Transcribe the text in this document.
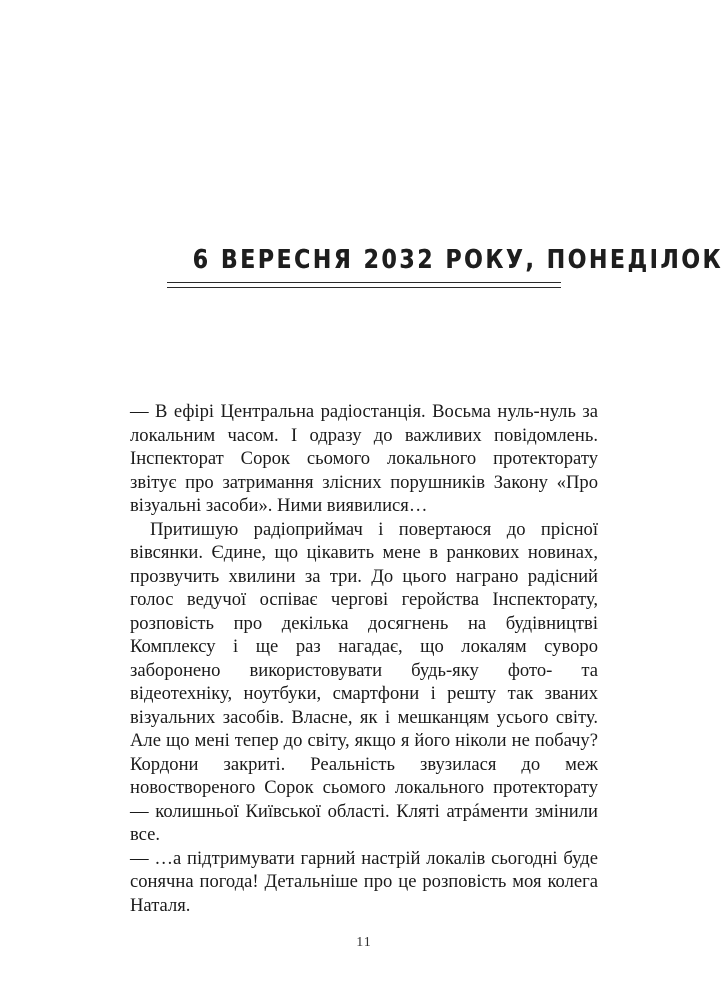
6 ВЕРЕСНЯ 2032 РОКУ, ПОНЕДІЛОК

— В ефірі Центральна радіостанція. Восьма нуль-нуль за локальним часом. І одразу до важливих повідомлень. Інспекторат Сорок сьомого локального протекторату звітує про затримання злісних порушників Закону «Про візуальні засоби». Ними виявилися…

Притишую радіоприймач і повертаюся до прісної вівсянки. Єдине, що цікавить мене в ранкових новинах, прозвучить хвилини за три. До цього награно радісний голос ведучої оспіває чергові геройства Інспекторату, розповість про декілька досягнень на будівництві Комплексу і ще раз нагадає, що локалям суворо заборонено використовувати будь-яку фото- та відеотехніку, ноутбуки, смартфони і решту так званих візуальних засобів. Власне, як і мешканцям усього світу. Але що мені тепер до світу, якщо я його ніколи не побачу? Кордони закриті. Реальність звузилася до меж новоствореного Сорок сьомого локального протекторату — колишньої Київської області. Кляті атрáменти змінили все.

— …а підтримувати гарний настрій локалів сьогодні буде сонячна погода! Детальніше про це розповість моя колега Наталя.

11
